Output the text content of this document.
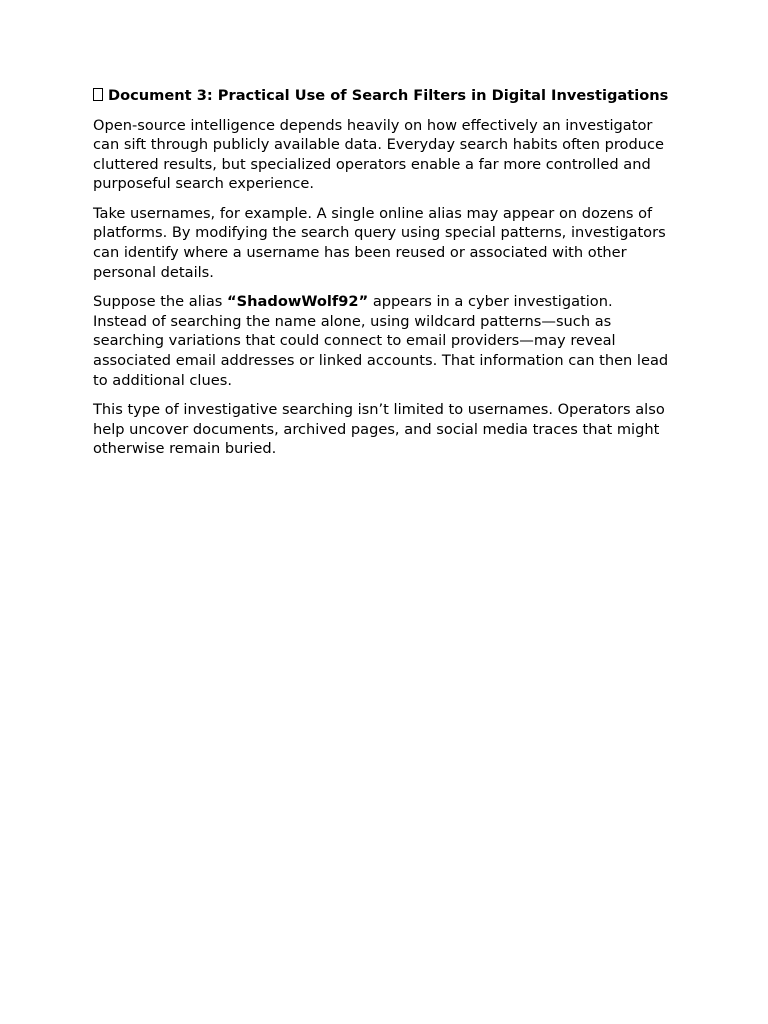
Document 3: Practical Use of Search Filters in Digital Investigations

Open-source intelligence depends heavily on how effectively an investigator can sift through publicly available data. Everyday search habits often produce cluttered results, but specialized operators enable a far more controlled and purposeful search experience.

Take usernames, for example. A single online alias may appear on dozens of platforms. By modifying the search query using special patterns, investigators can identify where a username has been reused or associated with other personal details.

Suppose the alias “ShadowWolf92” appears in a cyber investigation. Instead of searching the name alone, using wildcard patterns—such as searching variations that could connect to email providers—may reveal associated email addresses or linked accounts. That information can then lead to additional clues.

This type of investigative searching isn’t limited to usernames. Operators also help uncover documents, archived pages, and social media traces that might otherwise remain buried.
